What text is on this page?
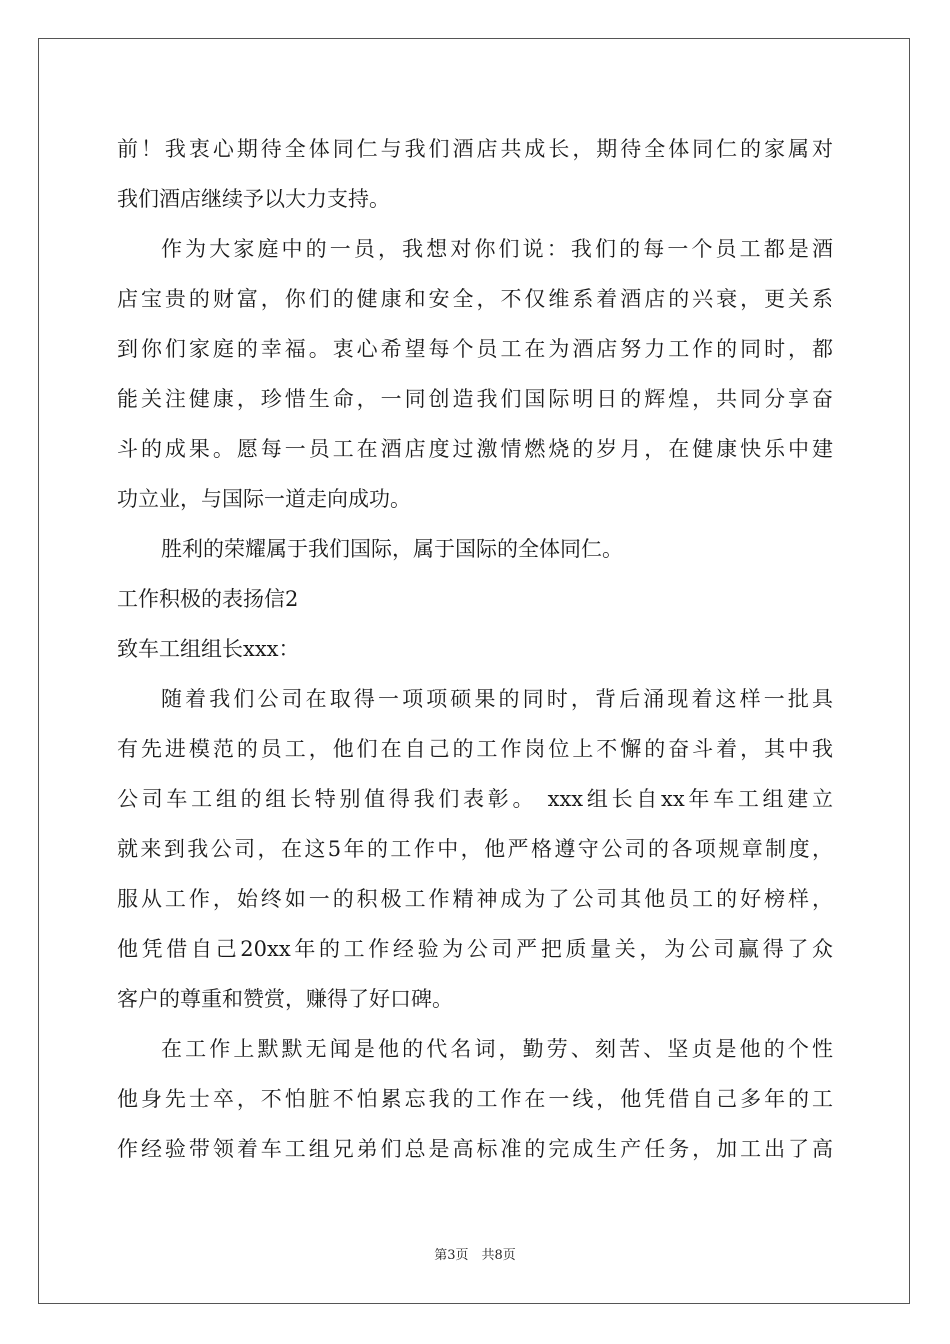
前！我衷心期待全体同仁与我们酒店共成长，期待全体同仁的家属对
我们酒店继续予以大力支持。
作为大家庭中的一员，我想对你们说：我们的每一个员工都是酒
店宝贵的财富，你们的健康和安全，不仅维系着酒店的兴衰，更关系
到你们家庭的幸福。衷心希望每个员工在为酒店努力工作的同时，都
能关注健康，珍惜生命，一同创造我们国际明日的辉煌，共同分享奋
斗的成果。愿每一员工在酒店度过激情燃烧的岁月，在健康快乐中建
功立业，与国际一道走向成功。
胜利的荣耀属于我们国际，属于国际的全体同仁。
工作积极的表扬信2
致车工组组长xxx：
随着我们公司在取得一项项硕果的同时，背后涌现着这样一批具
有先进模范的员工，他们在自己的工作岗位上不懈的奋斗着，其中我
公司车工组的组长特别值得我们表彰。 xxx组长自xx年车工组建立
就来到我公司，在这5年的工作中，他严格遵守公司的各项规章制度，
服从工作，始终如一的积极工作精神成为了公司其他员工的好榜样，
他凭借自己20xx年的工作经验为公司严把质量关，为公司赢得了众
客户的尊重和赞赏，赚得了好口碑。
在工作上默默无闻是他的代名词，勤劳、刻苦、坚贞是他的个性
他身先士卒，不怕脏不怕累忘我的工作在一线，他凭借自己多年的工
作经验带领着车工组兄弟们总是高标准的完成生产任务，加工出了高
第3页　共8页
